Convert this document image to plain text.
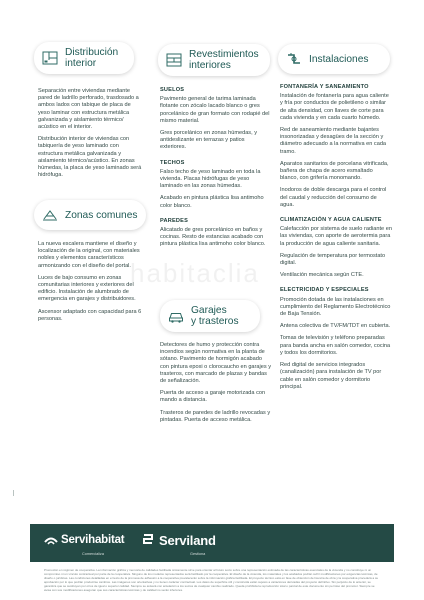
Distribución
interior

Separación entre viviendas mediante pared de ladrillo perforado, trasdosado a ambos lados con tabique de placa de yeso laminar con estructura metálica galvanizada y aislamiento térmico/ acústico en el interior.

Distribución interior de viviendas con tabiquería de yeso laminado con estructura metálica galvanizada y aislamiento térmico/acústico. En zonas húmedas, la placa de yeso laminado será hidrófuga.

Zonas comunes

La nueva escalera mantiene el diseño y localización de la original, con materiales nobles y elementos característicos armonizando con el diseño del portal.

Luces de bajo consumo en zonas comunitarias interiores y exteriores del edificio. Instalación de alumbrado de emergencia en garajes y distribuidores.

Ascensor adaptado con capacidad para 6 personas.

Revestimientos
interiores
SUELOS

Pavimento general de tarima laminada flotante con zócalo lacado blanco o gres porcelánico de gran formato con rodapié del mismo material.

Gres porcelánico en zonas húmedas, y antideslizante en terrazas y patios exteriores.

TECHOS

Falso techo de yeso laminado en toda la vivienda. Placas hidrófugas de yeso laminado en las zonas húmedas.

Acabado en pintura plástica lisa antimoho color blanco.

PAREDES

Alicatado de gres porcelánico en baños y cocinas. Resto de estancias acabado con pintura plástica lisa antimoho color blanco.

Garajes
y trasteros

Detectores de humo y protección contra incendios según normativa en la planta de sótano. Pavimento de hormigón acabado con pintura epoxi o clorocaucho en garajes y trasteros, con marcado de plazas y bandas de señalización.

Puerta de acceso a garaje motorizada con mando a distancia.

Trasteros de paredes de ladrillo revocadas y pintadas. Puerta de acceso metálica.

Instalaciones
FONTANERÍA Y SANEAMIENTO

Instalación de fontanería para agua caliente y fría por conductos de polietileno o similar de alta densidad, con llaves de corte para cada vivienda y en cada cuarto húmedo.

Red de saneamiento mediante bajantes insonorizadas y desagües de la sección y diámetro adecuado a la normativa en cada tramo.

Aparatos sanitarios de porcelana vitrificada, bañera de chapa de acero esmaltado blanco, con grifería monomando.

Inodoros de doble descarga para el control del caudal y reducción del consumo de agua.

CLIMATIZACIÓN Y AGUA CALIENTE

Calefacción por sistema de suelo radiante en las viviendas, con aporte de aerotermia para la producción de agua caliente sanitaria.

Regulación de temperatura por termostato digital.

Ventilación mecánica según CTE.

ELECTRICIDAD Y ESPECIALES

Promoción dotada de las instalaciones en cumplimiento del Reglamento Electrotécnico de Baja Tensión.

Antena colectiva de TV/FM/TDT en cubierta.

Tomas de televisión y teléfono preparadas para banda ancha en salón comedor, cocina y todos los dormitorios.

Red digital de servicios integrados (canalización) para instalación de TV por cable en salón comedor y dormitorio principal.

habitaclia
Servihabitat
Comercializa
Serviland
Gestiona
Promoción en régimen de cooperativa. La información gráfica y memoria de calidades facilitada únicamente sirve para orientar al futuro socio sobre una representación estimada de las características esenciales de la vivienda y no constituye ni un compromiso ni un vínculo contractual por parte de la cooperativa. Ninguno de los modelos representados será facilitado por la cooperativa. El diseño de la vivienda, los materiales y los acabados podrán sufrir modificaciones por exigencias técnicas, de diseño o jurídicas. Las condiciones detalladas en el texto de la promesa de adhesión a la cooperativa prevalecerán sobre la información gráfica facilitada. El proyecto técnico está en fase de obtención de licencia de obra y la cooperativa procederá a su aprobación por lo que podrán producirse cambios. Las imágenes son orientativas y no tienen carácter contractual. Los datos de superficie útil y construida están sujetos a variaciones derivadas del proyecto definitivo. Sin perjuicio de lo anterior, se garantiza que se sustituyan por otros de igual o superior calidad. Siempre se avisará con antelación a los socios de cualquier cambio realizado. Queda prohibida la reproducción total o parcial de este documento sin permiso del promotor. Siempre se avisa con sus modificaciones aseguran que sus características técnicas y de calidad no serán inferiores.
